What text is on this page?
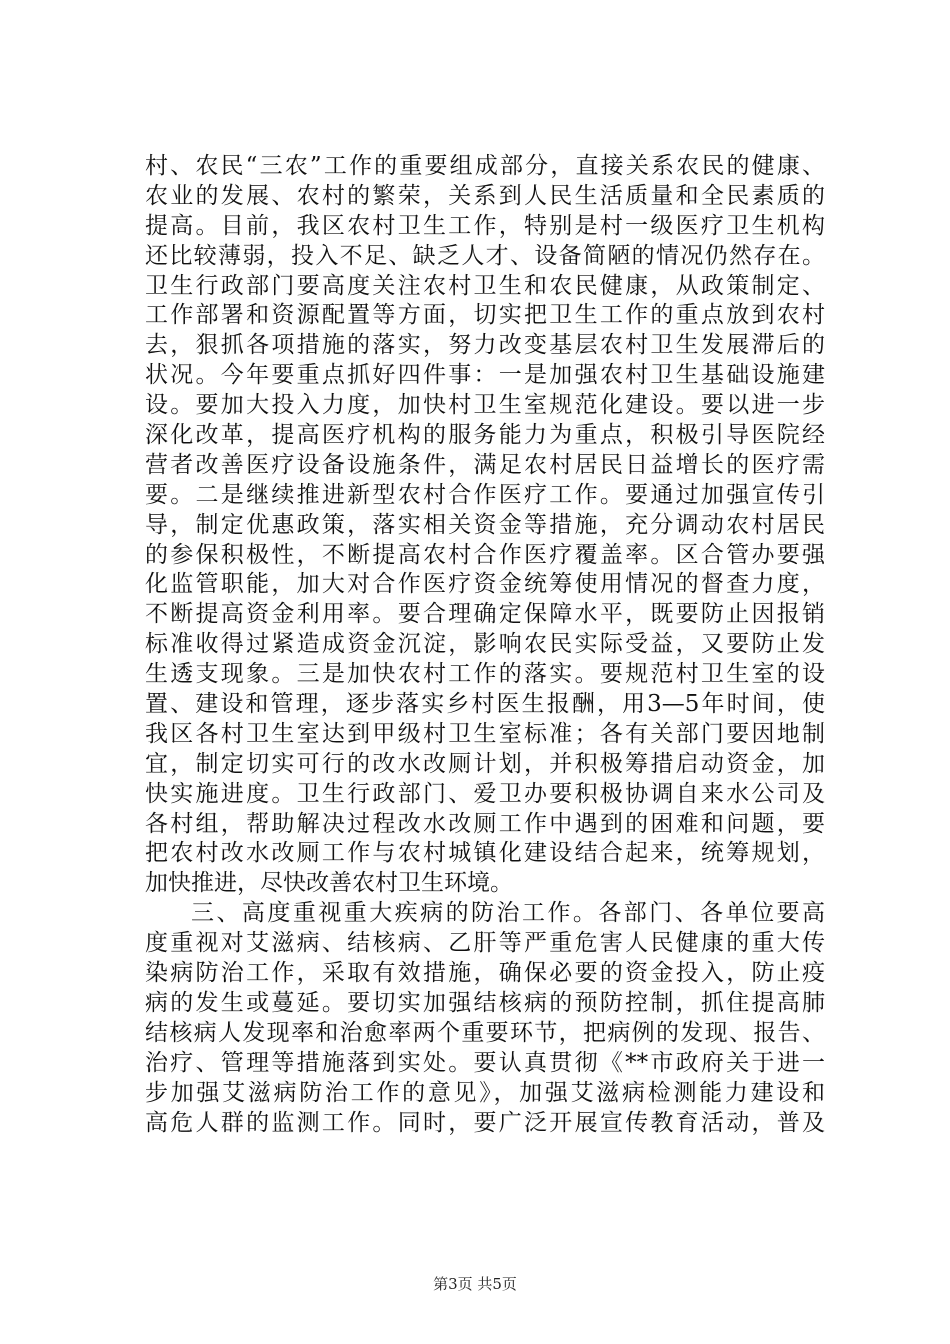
村、农民“三农”工作的重要组成部分，直接关系农民的健康、
农业的发展、农村的繁荣，关系到人民生活质量和全民素质的
提高。目前，我区农村卫生工作，特别是村一级医疗卫生机构
还比较薄弱，投入不足、缺乏人才、设备简陋的情况仍然存在。
卫生行政部门要高度关注农村卫生和农民健康，从政策制定、
工作部署和资源配置等方面，切实把卫生工作的重点放到农村
去，狠抓各项措施的落实，努力改变基层农村卫生发展滞后的
状况。今年要重点抓好四件事：一是加强农村卫生基础设施建
设。要加大投入力度，加快村卫生室规范化建设。要以进一步
深化改革，提高医疗机构的服务能力为重点，积极引导医院经
营者改善医疗设备设施条件，满足农村居民日益增长的医疗需
要。二是继续推进新型农村合作医疗工作。要通过加强宣传引
导，制定优惠政策，落实相关资金等措施，充分调动农村居民
的参保积极性，不断提高农村合作医疗覆盖率。区合管办要强
化监管职能，加大对合作医疗资金统筹使用情况的督查力度，
不断提高资金利用率。要合理确定保障水平，既要防止因报销
标准收得过紧造成资金沉淀，影响农民实际受益，又要防止发
生透支现象。三是加快农村工作的落实。要规范村卫生室的设
置、建设和管理，逐步落实乡村医生报酬，用3—5年时间，使
我区各村卫生室达到甲级村卫生室标准；各有关部门要因地制
宜，制定切实可行的改水改厕计划，并积极筹措启动资金，加
快实施进度。卫生行政部门、爱卫办要积极协调自来水公司及
各村组，帮助解决过程改水改厕工作中遇到的困难和问题，要
把农村改水改厕工作与农村城镇化建设结合起来，统筹规划，
加快推进，尽快改善农村卫生环境。
三、高度重视重大疾病的防治工作。各部门、各单位要高
度重视对艾滋病、结核病、乙肝等严重危害人民健康的重大传
染病防治工作，采取有效措施，确保必要的资金投入，防止疫
病的发生或蔓延。要切实加强结核病的预防控制，抓住提高肺
结核病人发现率和治愈率两个重要环节，把病例的发现、报告、
治疗、管理等措施落到实处。要认真贯彻《**市政府关于进一
步加强艾滋病防治工作的意见》，加强艾滋病检测能力建设和
高危人群的监测工作。同时，要广泛开展宣传教育活动，普及
第3页 共5页
